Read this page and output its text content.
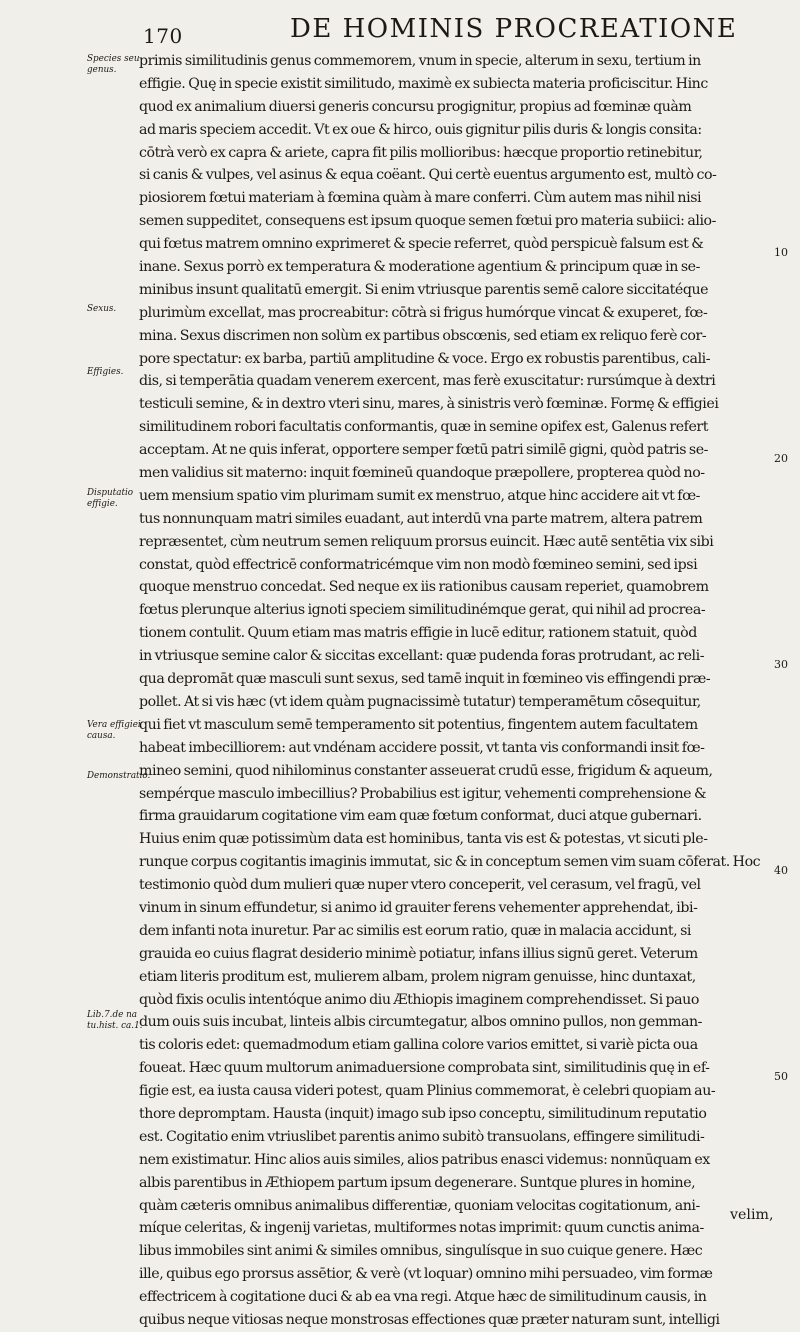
170	DE HOMINIS PROCREATIONE
Species seu genus.
Sexus.
Effigies.
Disputatio effigie.
Vera effigiei causa.
Demonstratio.
Lib.7.de na tu.hist. ca.1.
10
20
30
40
50
primis similitudinis genus commemorem, vnum in specie, alterum in sexu, tertium in
effigie. Quę in specie existit similitudo, maximè ex subiecta materia proficiscitur. Hinc
quod ex animalium diuersi generis concursu progignitur, propius ad fœminæ quàm
ad maris speciem accedit. Vt ex oue & hirco, ouis gignitur pilis duris & longis consita:
cōtrà verò ex capra & ariete, capra fit pilis mollioribus: hæcque proportio retinebitur,
si canis & vulpes, vel asinus & equa coëant. Qui certè euentus argumento est, multò co-
piosiorem fœtui materiam à fœmina quàm à mare conferri. Cùm autem mas nihil nisi
semen suppeditet, consequens est ipsum quoque semen fœtui pro materia subiici: alio-
qui fœtus matrem omnino exprimeret & specie referret, quòd perspicuè falsum est &
inane. Sexus porrò ex temperatura & moderatione agentium & principum quæ in se-
minibus insunt qualitatū emergit. Si enim vtriusque parentis semē calore siccitatéque
plurimùm excellat, mas procreabitur: cōtrà si frigus humórque vincat & exuperet, fœ-
mina. Sexus discrimen non solùm ex partibus obscœnis, sed etiam ex reliquo ferè cor-
pore spectatur: ex barba, partiū amplitudine & voce. Ergo ex robustis parentibus, cali-
dis, si temperātia quadam venerem exercent, mas ferè exuscitatur: rursúmque à dextri
testiculi semine, & in dextro vteri sinu, mares, à sinistris verò fœminæ. Formę & effigiei
similitudinem robori facultatis conformantis, quæ in semine opifex est, Galenus refert
acceptam. At ne quis inferat, opportere semper fœtū patri similē gigni, quòd patris se-
men validius sit materno: inquit fœmineū quandoque præpollere, propterea quòd no-
uem mensium spatio vim plurimam sumit ex menstruo, atque hinc accidere ait vt fœ-
tus nonnunquam matri similes euadant, aut interdū vna parte matrem, altera patrem
repræsentet, cùm neutrum semen reliquum prorsus euincit. Hæc autē sentētia vix sibi
constat, quòd effectricē conformatricémque vim non modò fœmineo semini, sed ipsi
quoque menstruo concedat. Sed neque ex iis rationibus causam reperiet, quamobrem
fœtus plerunque alterius ignoti speciem similitudinémque gerat, qui nihil ad procrea-
tionem contulit. Quum etiam mas matris effigie in lucē editur, rationem statuit, quòd
in vtriusque semine calor & siccitas excellant: quæ pudenda foras protrudant, ac reli-
qua depromāt quæ masculi sunt sexus, sed tamē inquit in fœmineo vis effingendi præ-
pollet. At si vis hæc (vt idem quàm pugnacissimè tutatur) temperamētum cōsequitur,
qui fiet vt masculum semē temperamento sit potentius, fingentem autem facultatem
habeat imbecilliorem: aut vndénam accidere possit, vt tanta vis conformandi insit fœ-
mineo semini, quod nihilominus constanter asseuerat crudū esse, frigidum & aqueum,
sempérque masculo imbecillius? Probabilius est igitur, vehementi comprehensione &
firma grauidarum cogitatione vim eam quæ fœtum conformat, duci atque gubernari.
Huius enim quæ potissimùm data est hominibus, tanta vis est & potestas, vt sicuti ple-
runque corpus cogitantis imaginis immutat, sic & in conceptum semen vim suam cōferat. Hoc
testimonio quòd dum mulieri quæ nuper vtero conceperit, vel cerasum, vel fragū, vel
vinum in sinum effundetur, si animo id grauiter ferens vehementer apprehendat, ibi-
dem infanti nota inuretur. Par ac similis est eorum ratio, quæ in malacia accidunt, si
grauida eo cuius flagrat desiderio minimè potiatur, infans illius signū geret. Veterum
etiam literis proditum est, mulierem albam, prolem nigram genuisse, hinc duntaxat,
quòd fixis oculis intentóque animo diu Æthiopis imaginem comprehendisset. Si pauo
dum ouis suis incubat, linteis albis circumtegatur, albos omnino pullos, non gemman-
tis coloris edet: quemadmodum etiam gallina colore varios emittet, si variè picta oua
foueat. Hæc quum multorum animaduersione comprobata sint, similitudinis quę in ef-
figie est, ea iusta causa videri potest, quam Plinius commemorat, è celebri quopiam au-
thore depromptam. Hausta (inquit) imago sub ipso conceptu, similitudinum reputatio
est. Cogitatio enim vtriuslibet parentis animo subitò transuolans, effingere similitudi-
nem existimatur. Hinc alios auis similes, alios patribus enasci videmus: nonnūquam ex
albis parentibus in Æthiopem partum ipsum degenerare. Suntque plures in homine,
quàm cæteris omnibus animalibus differentiæ, quoniam velocitas cogitationum, ani-
míque celeritas, & ingenij varietas, multiformes notas imprimit: quum cunctis anima-
libus immobiles sint animi & similes omnibus, singulísque in suo cuique genere. Hæc
ille, quibus ego prorsus assētior, & verè (vt loquar) omnino mihi persuadeo, vim formæ
effectricem à cogitatione duci & ab ea vna regi. Atque hæc de similitudinum causis, in
quibus neque vitiosas neque monstrosas effectiones quæ præter naturam sunt, intelligi
velim,
